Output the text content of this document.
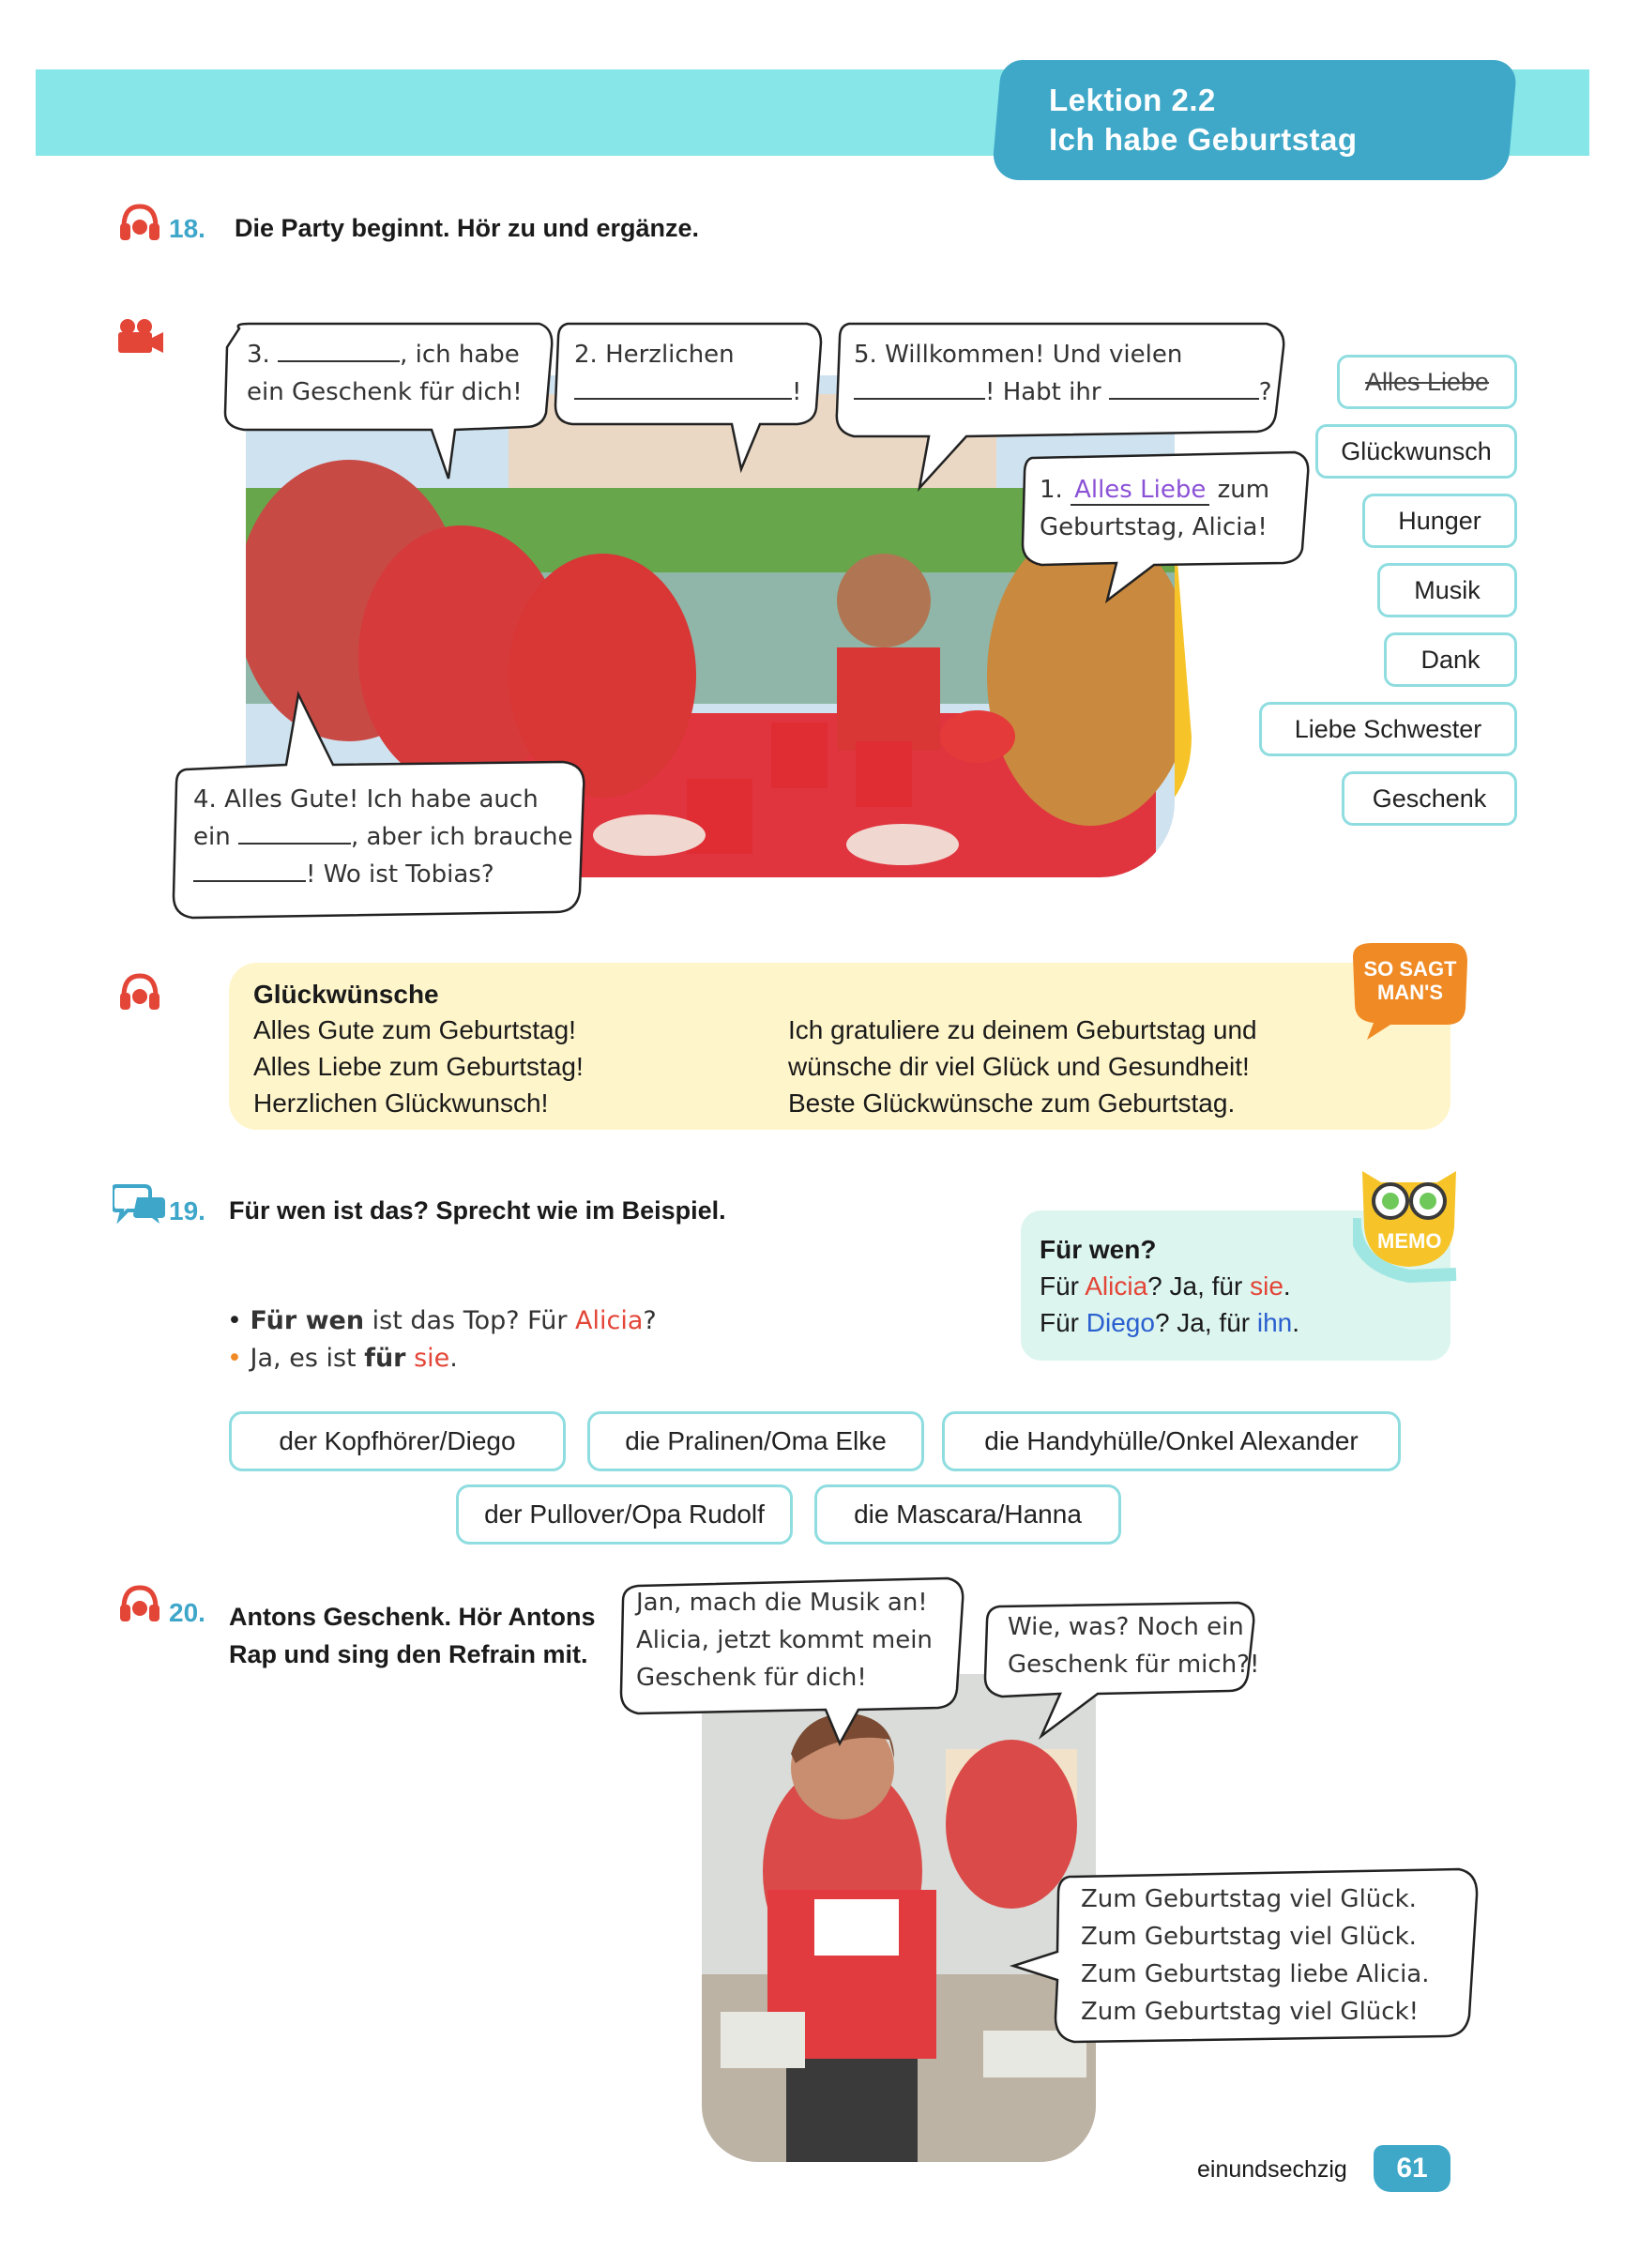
Lektion 2.2
Ich habe Geburtstag
18. Die Party beginnt. Hör zu und ergänze.
3.	, ich habe
ein Geschenk für dich!
2. Herzlichen
!
5. Willkommen! Und vielen
! Habt ihr	?
1. Alles Liebe zum
Geburtstag, Alicia!
4. Alles Gute! Ich habe auch
ein	, aber ich brauche
! Wo ist Tobias?
Alles Liebe
Glückwunsch
Hunger
Musik
Dank
Liebe Schwester
Geschenk
Glückwünsche
Alles Gute zum Geburtstag!
Alles Liebe zum Geburtstag!
Herzlichen Glückwunsch!
Ich gratuliere zu deinem Geburtstag und
wünsche dir viel Glück und Gesundheit!
Beste Glückwünsche zum Geburtstag.
SO SAGT
MAN'S
19. Für wen ist das? Sprecht wie im Beispiel.
• Für wen ist das Top? Für Alicia?
• Ja, es ist für sie.
MEMO
Für wen?
Für Alicia? Ja, für sie.
Für Diego? Ja, für ihn.
der Kopfhörer/Diego	die Pralinen/Oma Elke	die Handyhülle/Onkel Alexander
der Pullover/Opa Rudolf	die Mascara/Hanna
20. Antons Geschenk. Hör Antons
Rap und sing den Refrain mit.
Jan, mach die Musik an!
Alicia, jetzt kommt mein
Geschenk für dich!
Wie, was? Noch ein
Geschenk für mich?!
Zum Geburtstag viel Glück.
Zum Geburtstag viel Glück.
Zum Geburtstag liebe Alicia.
Zum Geburtstag viel Glück!
einundsechzig	61
